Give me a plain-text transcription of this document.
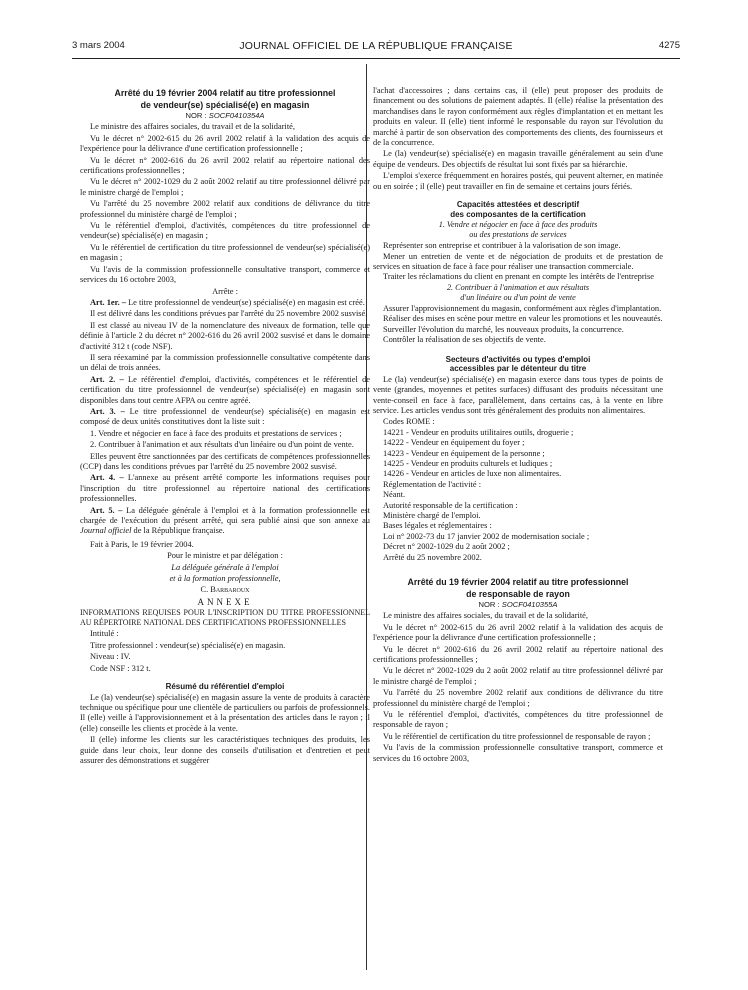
3 mars 2004	JOURNAL OFFICIEL DE LA RÉPUBLIQUE FRANÇAISE	4275

Arrêté du 19 février 2004 relatif au titre professionnel

de vendeur(se) spécialisé(e) en magasin

NOR : SOCF0410354A

Le ministre des affaires sociales, du travail et de la solidarité,

Vu le décret n° 2002-615 du 26 avril 2002 relatif à la validation des acquis de l'expérience pour la délivrance d'une certification professionnelle ;

Vu le décret n° 2002-616 du 26 avril 2002 relatif au répertoire national des certifications professionnelles ;

Vu le décret n° 2002-1029 du 2 août 2002 relatif au titre professionnel délivré par le ministre chargé de l'emploi ;

Vu l'arrêté du 25 novembre 2002 relatif aux conditions de délivrance du titre professionnel du ministère chargé de l'emploi ;

Vu le référentiel d'emploi, d'activités, compétences du titre professionnel de vendeur(se) spécialisé(e) en magasin ;

Vu le référentiel de certification du titre professionnel de vendeur(se) spécialisé(e) en magasin ;

Vu l'avis de la commission professionnelle consultative transport, commerce et services du 16 octobre 2003,

Arrête :

Art. 1er. – Le titre professionnel de vendeur(se) spécialisé(e) en magasin est créé.

Il est délivré dans les conditions prévues par l'arrêté du 25 novembre 2002 susvisé.

Il est classé au niveau IV de la nomenclature des niveaux de formation, telle que définie à l'article 2 du décret n° 2002-616 du 26 avril 2002 susvisé et dans le domaine d'activité 312 t (code NSF).

Il sera réexaminé par la commission professionnelle consultative compétente dans un délai de trois années.

Art. 2. – Le référentiel d'emploi, d'activités, compétences et le référentiel de certification du titre professionnel de vendeur(se) spécialisé(e) en magasin sont disponibles dans tout centre AFPA ou centre agréé.

Art. 3. – Le titre professionnel de vendeur(se) spécialisé(e) en magasin est composé de deux unités constitutives dont la liste suit :

1. Vendre et négocier en face à face des produits et prestations de services ;

2. Contribuer à l'animation et aux résultats d'un linéaire ou d'un point de vente.

Elles peuvent être sanctionnées par des certificats de compétences professionnelles (CCP) dans les conditions prévues par l'arrêté du 25 novembre 2002 susvisé.

Art. 4. – L'annexe au présent arrêté comporte les informations requises pour l'inscription du titre professionnel au répertoire national des certifications professionnelles.

Art. 5. – La déléguée générale à l'emploi et à la formation professionnelle est chargée de l'exécution du présent arrêté, qui sera publié ainsi que son annexe au Journal officiel de la République française.

Fait à Paris, le 19 février 2004.

Pour le ministre et par délégation :

La déléguée générale à l'emploi

et à la formation professionnelle,

C. Barbaroux

ANNEXE

INFORMATIONS REQUISES POUR L'INSCRIPTION DU TITRE PROFESSIONNEL AU RÉPERTOIRE NATIONAL DES CERTIFICATIONS PROFESSIONNELLES

Intitulé :

Titre professionnel : vendeur(se) spécialisé(e) en magasin.

Niveau : IV.

Code NSF : 312 t.

Résumé du référentiel d'emploi

Le (la) vendeur(se) spécialisé(e) en magasin assure la vente de produits à caractère technique ou spécifique pour une clientèle de particuliers ou parfois de professionnels. Il (elle) veille à l'approvisionnement et à la présentation des articles dans le rayon ; il (elle) conseille les clients et procède à la vente.

Il (elle) informe les clients sur les caractéristiques techniques des produits, les guide dans leur choix, leur donne des conseils d'utilisation et d'entretien et peut assurer des démonstrations et suggérer

l'achat d'accessoires ; dans certains cas, il (elle) peut proposer des produits de financement ou des solutions de paiement adaptés. Il (elle) réalise la présentation des marchandises dans le rayon conformément aux règles d'implantation et en mettant les produits en valeur. Il (elle) tient informé le responsable du rayon sur l'évolution du marché à partir de son observation des comportements des clients, des fournisseurs et de la concurrence.

Le (la) vendeur(se) spécialisé(e) en magasin travaille généralement au sein d'une équipe de vendeurs. Des objectifs de résultat lui sont fixés par sa hiérarchie.

L'emploi s'exerce fréquemment en horaires postés, qui peuvent alterner, en matinée ou en soirée ; il (elle) peut travailler en fin de semaine et certains jours fériés.

Capacités attestées et descriptif
des composantes de la certification

1. Vendre et négocier en face à face des produits
ou des prestations de services

Représenter son entreprise et contribuer à la valorisation de son image.

Mener un entretien de vente et de négociation de produits et de prestation de services en situation de face à face pour réaliser une transaction commerciale.

Traiter les réclamations du client en prenant en compte les intérêts de l'entreprise

2. Contribuer à l'animation et aux résultats
d'un linéaire ou d'un point de vente

Assurer l'approvisionnement du magasin, conformément aux règles d'implantation.

Réaliser des mises en scène pour mettre en valeur les promotions et les nouveautés.

Surveiller l'évolution du marché, les nouveaux produits, la concurrence.

Contrôler la réalisation de ses objectifs de vente.

Secteurs d'activités ou types d'emploi
accessibles par le détenteur du titre

Le (la) vendeur(se) spécialisé(e) en magasin exerce dans tous types de points de vente (grandes, moyennes et petites surfaces) diffusant des produits nécessitant une vente-conseil en face à face, parallèlement, dans certains cas, à la vente en libre service. Les articles vendus sont très généralement des produits non alimentaires.

Codes ROME :

14221 - Vendeur en produits utilitaires outils, droguerie ;

14222 - Vendeur en équipement du foyer ;

14223 - Vendeur en équipement de la personne ;

14225 - Vendeur en produits culturels et ludiques ;

14226 - Vendeur en articles de luxe non alimentaires.

Réglementation de l'activité :

Néant.

Autorité responsable de la certification :

Ministère chargé de l'emploi.

Bases légales et réglementaires :

Loi n° 2002-73 du 17 janvier 2002 de modernisation sociale ;

Décret n° 2002-1029 du 2 août 2002 ;

Arrêté du 25 novembre 2002.

Arrêté du 19 février 2004 relatif au titre professionnel

de responsable de rayon

NOR : SOCF0410355A

Le ministre des affaires sociales, du travail et de la solidarité,

Vu le décret n° 2002-615 du 26 avril 2002 relatif à la validation des acquis de l'expérience pour la délivrance d'une certification professionnelle ;

Vu le décret n° 2002-616 du 26 avril 2002 relatif au répertoire national des certifications professionnelles ;

Vu le décret n° 2002-1029 du 2 août 2002 relatif au titre professionnel délivré par le ministre chargé de l'emploi ;

Vu l'arrêté du 25 novembre 2002 relatif aux conditions de délivrance du titre professionnel du ministère chargé de l'emploi ;

Vu le référentiel d'emploi, d'activités, compétences du titre professionnel de responsable de rayon ;

Vu le référentiel de certification du titre professionnel de responsable de rayon ;

Vu l'avis de la commission professionnelle consultative transport, commerce et services du 16 octobre 2003,
